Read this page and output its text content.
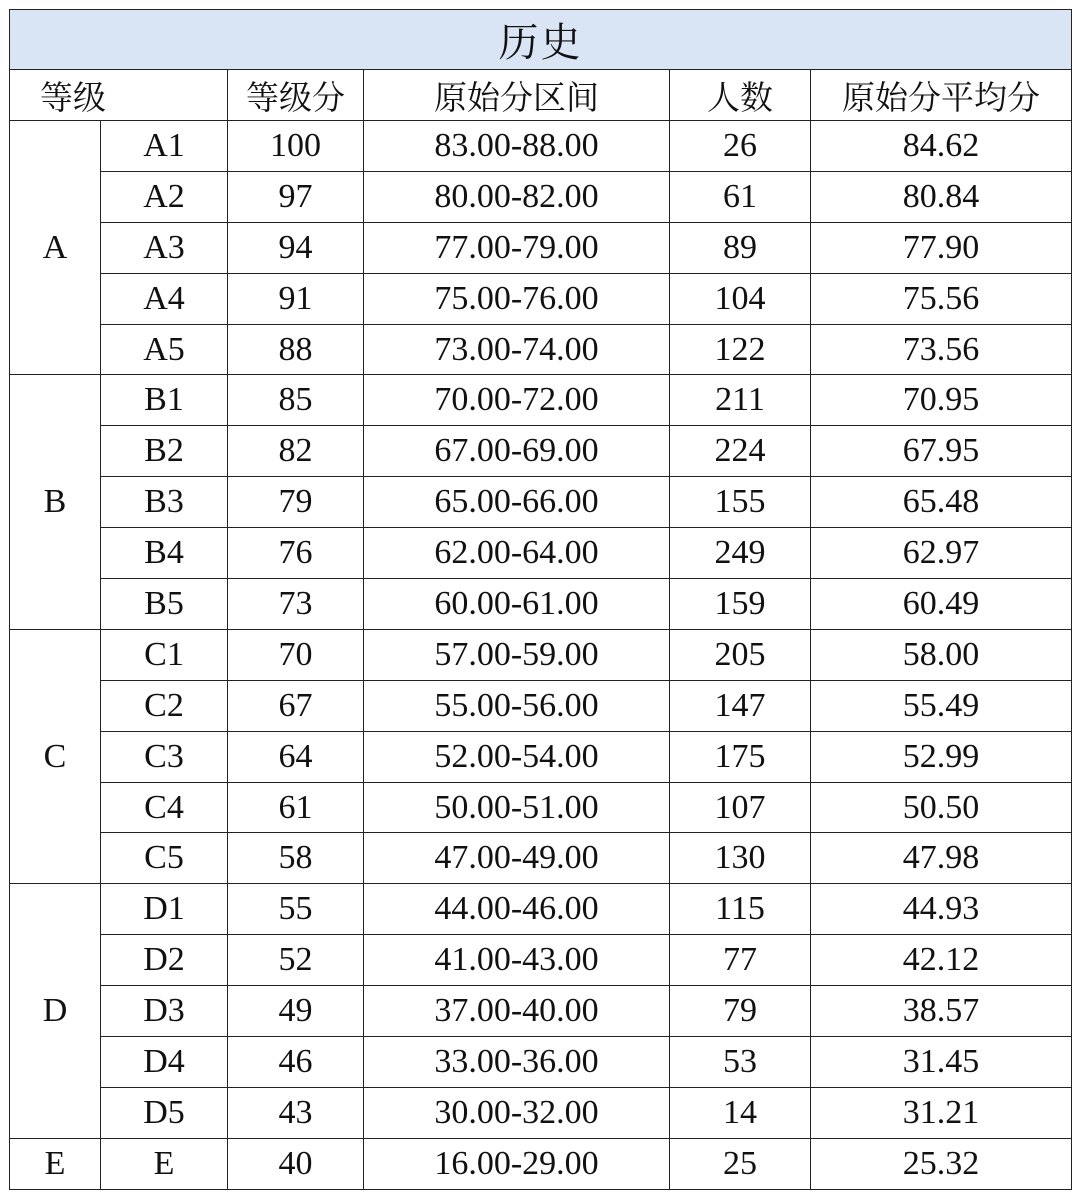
历史					
等级		等级分	原始分区间	人数	原始分平均分
A	A1	100	83.00-88.00	26	84.62
	A2	97	80.00-82.00	61	80.84
	A3	94	77.00-79.00	89	77.90
	A4	91	75.00-76.00	104	75.56
	A5	88	73.00-74.00	122	73.56
B	B1	85	70.00-72.00	211	70.95
	B2	82	67.00-69.00	224	67.95
	B3	79	65.00-66.00	155	65.48
	B4	76	62.00-64.00	249	62.97
	B5	73	60.00-61.00	159	60.49
C	C1	70	57.00-59.00	205	58.00
	C2	67	55.00-56.00	147	55.49
	C3	64	52.00-54.00	175	52.99
	C4	61	50.00-51.00	107	50.50
	C5	58	47.00-49.00	130	47.98
D	D1	55	44.00-46.00	115	44.93
	D2	52	41.00-43.00	77	42.12
	D3	49	37.00-40.00	79	38.57
	D4	46	33.00-36.00	53	31.45
	D5	43	30.00-32.00	14	31.21
E	E	40	16.00-29.00	25	25.32
